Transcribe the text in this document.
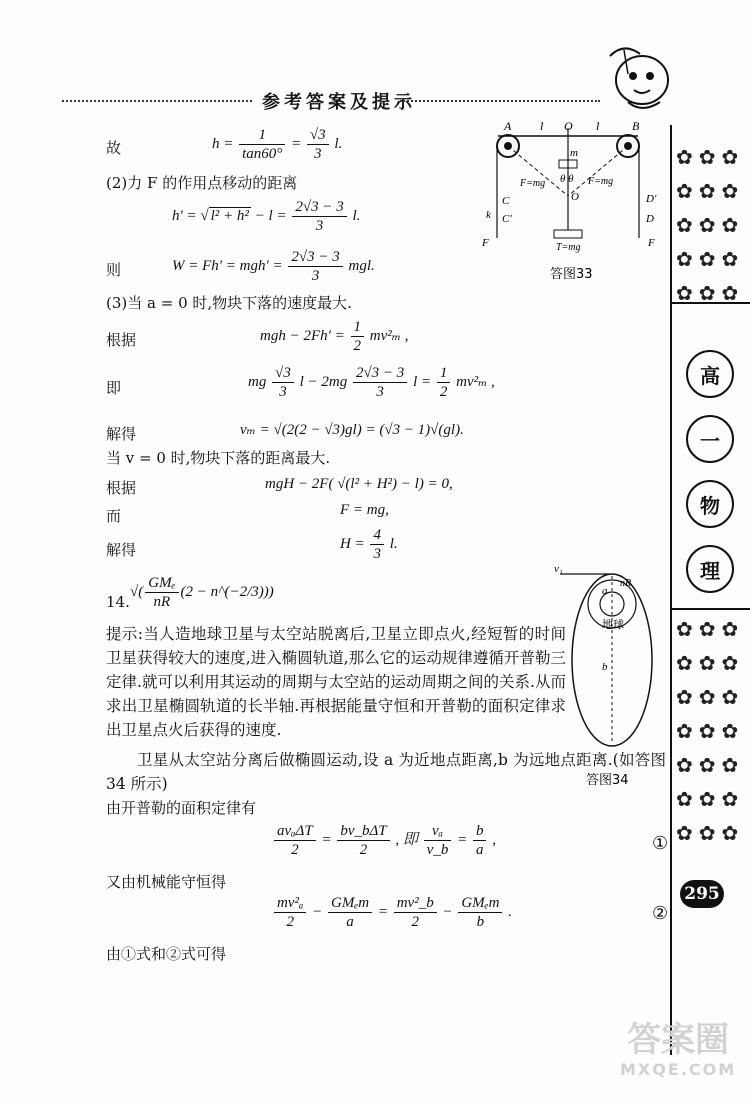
参考答案及提示
✿✿✿
✿✿✿
✿✿✿
✿✿✿
✿✿✿
高
一
物
理
✿✿✿
✿✿✿
✿✿✿
✿✿✿
✿✿✿
✿✿✿
✿✿✿
295
故	$h = \frac{1}{\tan 60^\circ} = \frac{√3}{3} l$.
(2)力 F 的作用点移动的距离
h′ = √ $l^2 + h^2 - l = \frac{2√3 - 3}{3} l$.
则	$W = Fh' = mgh' = \frac{2√3 - 3}{3}$ mgl.
(3)当 a = 0 时,物块下落的速度最大.
根据	mgh − $2Fh' = \frac{1}{2} mv^2_m$ ,
即	mg $\frac{√3}{3}$ $l - 2mg \frac{2√3 - 3}{3}$ $l = \frac{1}{2} mv^2_m$ ,
解得	vₘ = √(2(2 − √3)gl) = (√3 − 1)√(gl).
当 v = 0 时,物块下落的距离最大.
根据	mgH − 2F( √(l² + H²) − l) = 0,
而	F = mg,
解得	$H = \frac{4}{3} l$.
14.
√( $\frac{\text{GMₑ}}{nR} (2$ − n^(−2/3)))
提示:当人造地球卫星与太空站脱离后,卫星立即点火,经短暂的时间卫星获得较大的速度,进入椭圆轨道,那么它的运动规律遵循开普勒三定律.就可以利用其运动的周期与太空站的运动周期之间的关系.从而求出卫星椭圆轨道的长半轴.再根据能量守恒和开普勒的面积定律求出卫星点火后获得的速度.
卫星从太空站分离后做椭圆运动,设 a 为近地点距离,b 为远地点距离.(如答图34 所示)
由开普勒的面积定律有
$\frac{\text{avₐΔT}}{2} = \frac{\text{bv\_bΔT}}{2}$ , 即 $\frac{\text{vₐ}}{v\_b} = \frac{b}{a}$ ,	①
又由机械能守恒得
$\frac{\text{mv²ₐ}}{2} - \frac{\text{GMₑm}}{a} = \frac{\text{mv²\_b}}{2} - \frac{\text{GMₑm}}{b}$ .	②
由①式和②式可得
A l O l	B
m
θ θ
F=mg	F=mg
O
C
k C′
F
D′
D
F
T=mg
答图33
v₁
a
nR
地球
b
答图34
答案圈
MXQE.COM
